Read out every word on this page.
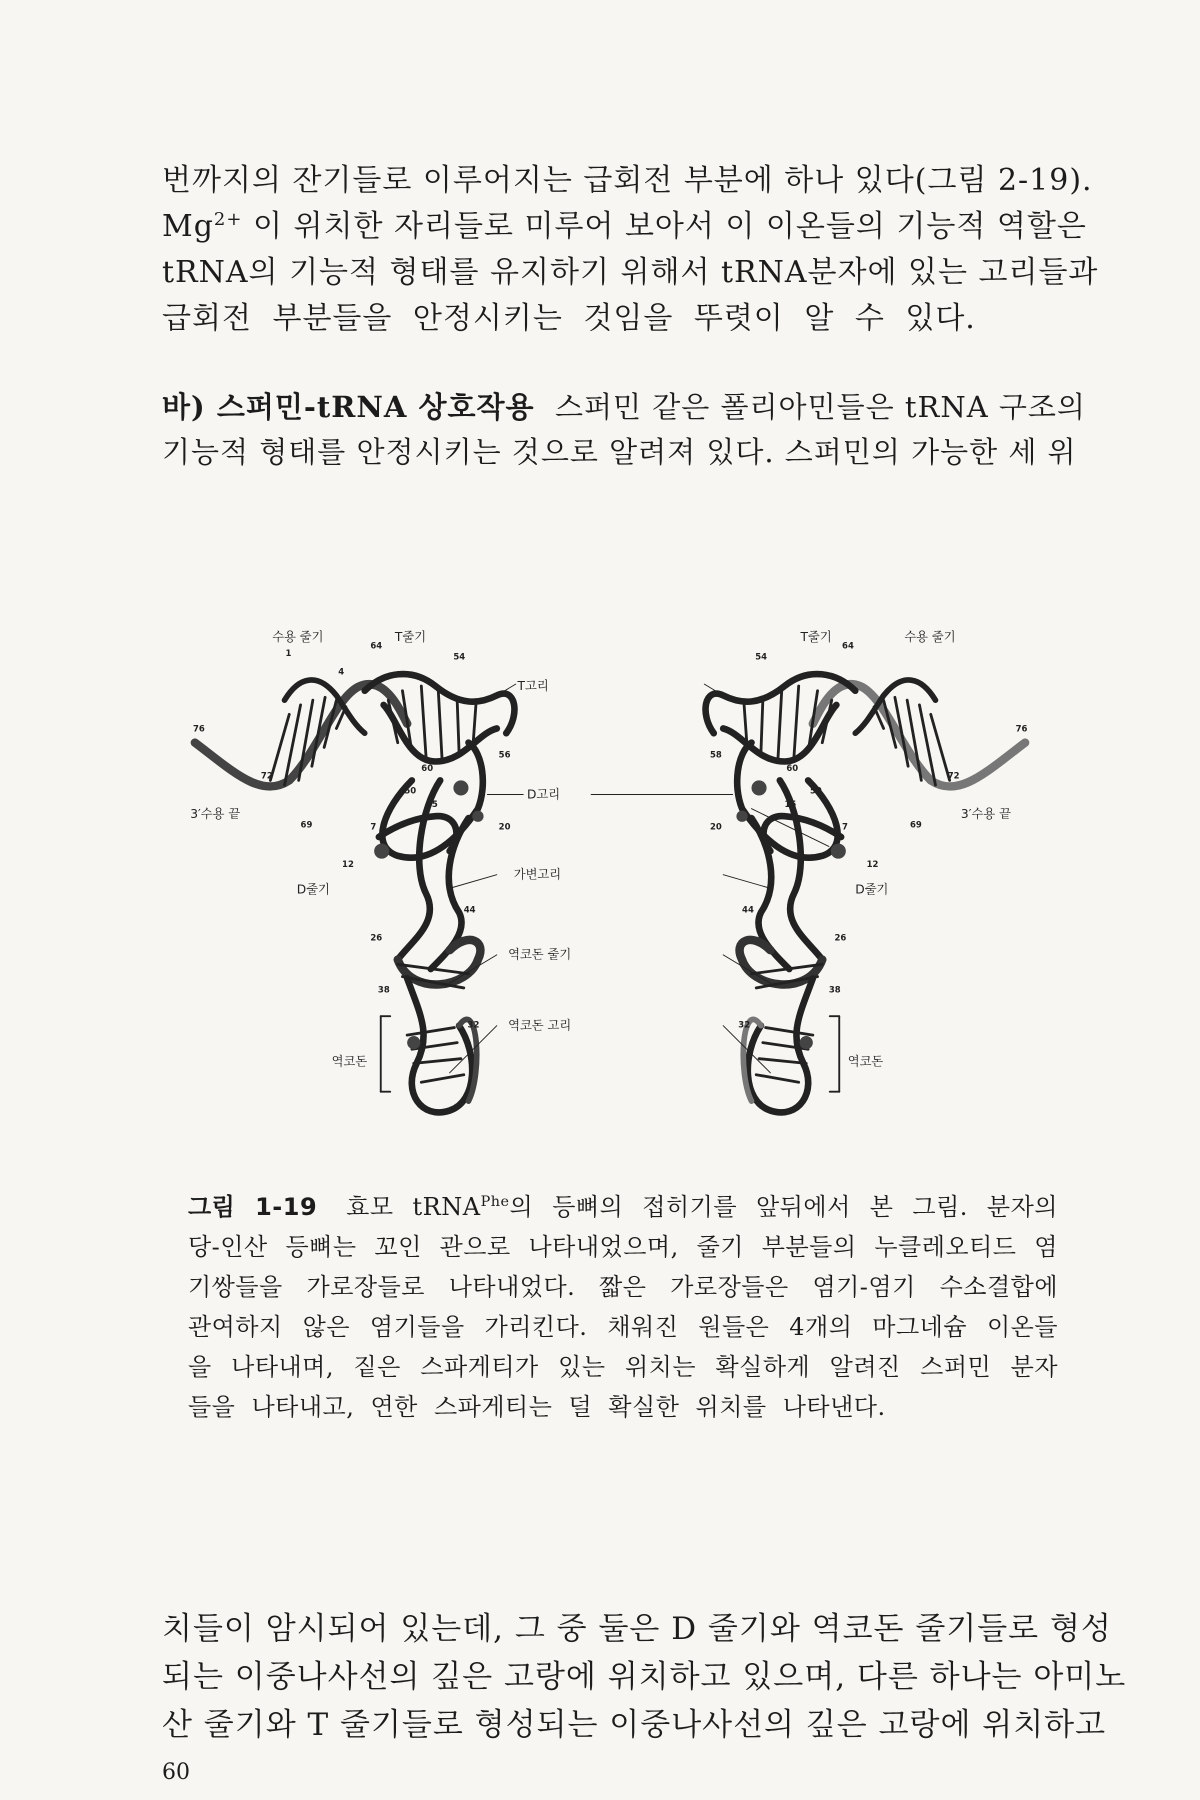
번까지의 잔기들로 이루어지는 급회전 부분에 하나 있다(그림 2-19).
$Mg^{2+}$ 이 위치한 자리들로 미루어 보아서 이 이온들의 기능적 역할은
tRNA의 기능적 형태를 유지하기 위해서 tRNA분자에 있는 고리들과
급회전 부분들을 안정시키는 것임을 뚜렷이 알 수 있다.
바) 스퍼민-tRNA 상호작용 스퍼민 같은 폴리아민들은 tRNA 구조의
기능적 형태를 안정시키는 것으로 알려져 있다. 스퍼민의 가능한 세 위
수용 줄기	T줄기
3′수용 끝
D줄기
역코돈
T고리
D고리
가변고리
역코돈 줄기
역코돈 고리
T줄기	수용 줄기
3′수용 끝
D줄기
역코돈
76
1
4
72
69
64
54
56
60
50
15
20
7
12
44
26
38
32
76
72
69
64
54
58
60
50
15
20	7
12
44
26
38
32
그림 1-19 효모 tRNA$^{Phe}$의 등뼈의 접히기를 앞뒤에서 본 그림. 분자의
당-인산 등뼈는 꼬인 관으로 나타내었으며, 줄기 부분들의 누클레오티드 염
기쌍들을 가로장들로 나타내었다. 짧은 가로장들은 염기-염기 수소결합에
관여하지 않은 염기들을 가리킨다. 채워진 원들은 4개의 마그네슘 이온들
을 나타내며, 짙은 스파게티가 있는 위치는 확실하게 알려진 스퍼민 분자
들을 나타내고, 연한 스파게티는 덜 확실한 위치를 나타낸다.
치들이 암시되어 있는데, 그 중 둘은 D 줄기와 역코돈 줄기들로 형성
되는 이중나사선의 깊은 고랑에 위치하고 있으며, 다른 하나는 아미노
산 줄기와 T 줄기들로 형성되는 이중나사선의 깊은 고랑에 위치하고
60
